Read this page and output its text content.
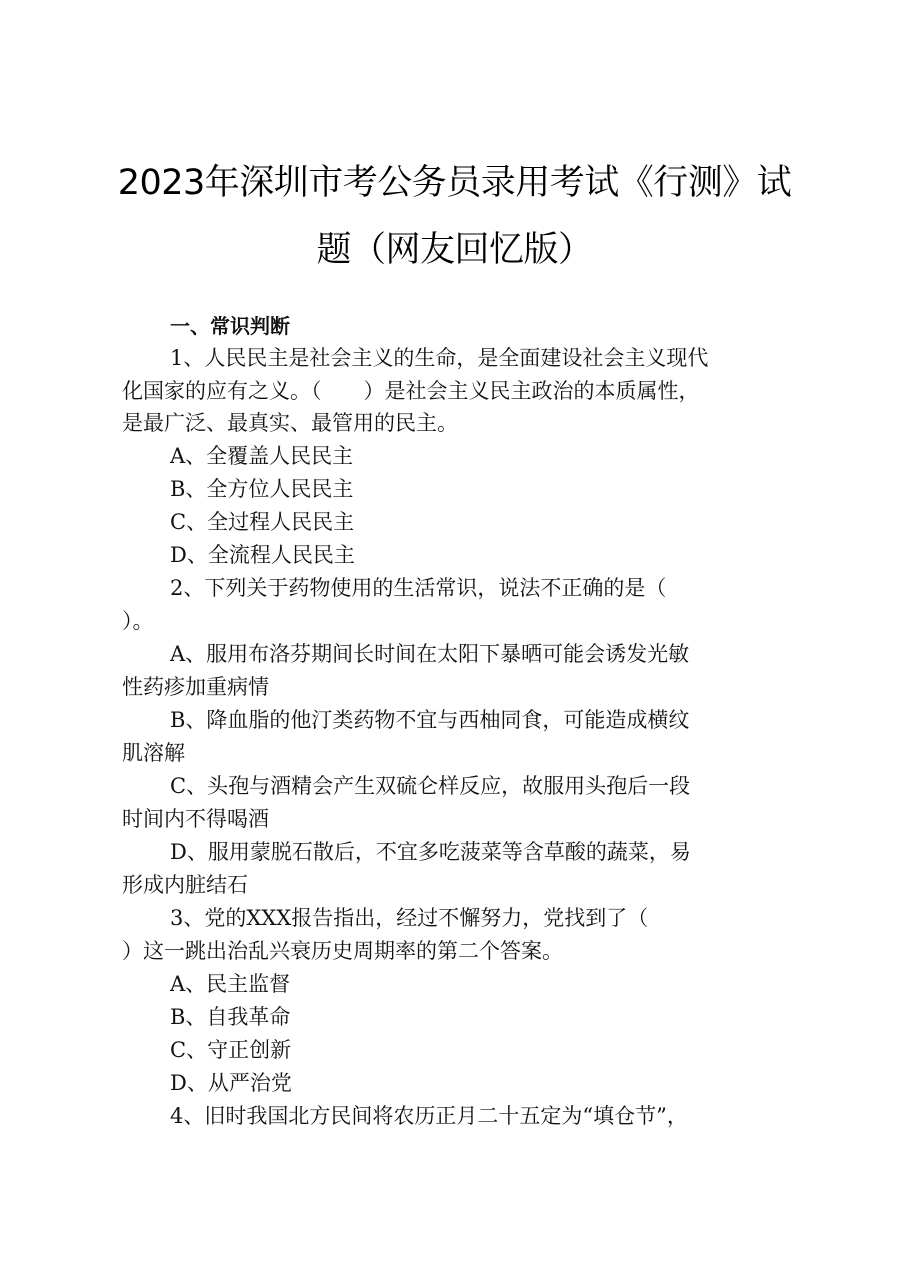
2023年深圳市考公务员录用考试《行测》试
题（网友回忆版）
一、常识判断
1、人民民主是社会主义的生命，是全面建设社会主义现代
化国家的应有之义。（　　）是社会主义民主政治的本质属性，
是最广泛、最真实、最管用的民主。
A、全覆盖人民民主
B、全方位人民民主
C、全过程人民民主
D、全流程人民民主
2、下列关于药物使用的生活常识，说法不正确的是（
）。
A、服用布洛芬期间长时间在太阳下暴晒可能会诱发光敏
性药疹加重病情
B、降血脂的他汀类药物不宜与西柚同食，可能造成横纹
肌溶解
C、头孢与酒精会产生双硫仑样反应，故服用头孢后一段
时间内不得喝酒
D、服用蒙脱石散后，不宜多吃菠菜等含草酸的蔬菜，易
形成内脏结石
3、党的XXX报告指出，经过不懈努力，党找到了（
）这一跳出治乱兴衰历史周期率的第二个答案。
A、民主监督
B、自我革命
C、守正创新
D、从严治党
4、旧时我国北方民间将农历正月二十五定为“填仓节”，
